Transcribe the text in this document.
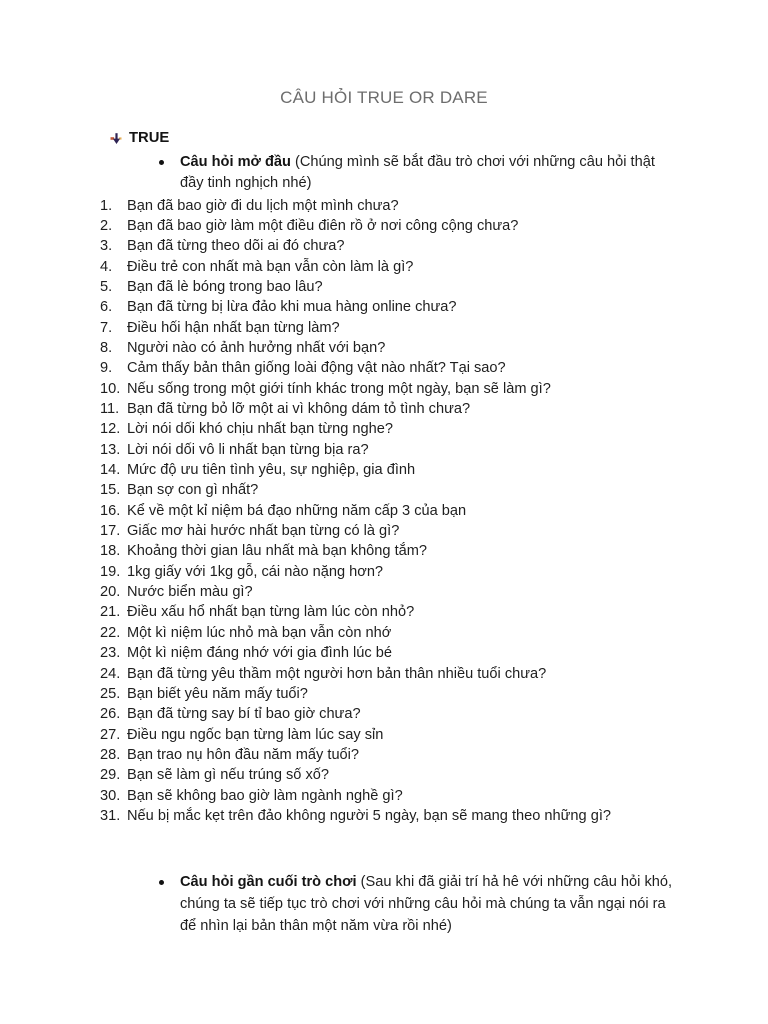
CÂU HỎI TRUE OR DARE
TRUE
Câu hỏi mở đầu (Chúng mình sẽ bắt đầu trò chơi với những câu hỏi thật đầy tinh nghịch nhé)
1.	Bạn đã bao giờ đi du lịch một mình chưa?
2.	Bạn đã bao giờ làm một điều điên rồ ở nơi công cộng chưa?
3.	Bạn đã từng theo dõi ai đó chưa?
4.	Điều trẻ con nhất mà bạn vẫn còn làm là gì?
5.	Bạn đã lè bóng trong bao lâu?
6.	Bạn đã từng bị lừa đảo khi mua hàng online chưa?
7.	Điều hối hận nhất bạn từng làm?
8.	Người nào có ảnh hưởng nhất với bạn?
9.	Cảm thấy bản thân giống loài động vật nào nhất? Tại sao?
10. Nếu sống trong một giới tính khác trong một ngày, bạn sẽ làm gì?
11. Bạn đã từng bỏ lỡ một ai vì không dám tỏ tình chưa?
12. Lời nói dối khó chịu nhất bạn từng nghe?
13. Lời nói dối vô li nhất bạn từng bịa ra?
14. Mức độ ưu tiên tình yêu, sự nghiệp, gia đình
15. Bạn sợ con gì nhất?
16. Kể về một kỉ niệm bá đạo những năm cấp 3 của bạn
17. Giấc mơ hài hước nhất bạn từng có là gì?
18. Khoảng thời gian lâu nhất mà bạn không tắm?
19. 1kg giấy với 1kg gỗ, cái nào nặng hơn?
20. Nước biển màu gì?
21. Điều xấu hổ nhất bạn từng làm lúc còn nhỏ?
22. Một kì niệm lúc nhỏ mà bạn vẫn còn nhớ
23. Một kì niệm đáng nhớ với gia đình lúc bé
24. Bạn đã từng yêu thầm một người hơn bản thân nhiều tuổi chưa?
25. Bạn biết yêu năm mấy tuổi?
26. Bạn đã từng say bí tỉ bao giờ chưa?
27. Điều ngu ngốc bạn từng làm lúc say sỉn
28. Bạn trao nụ hôn đầu năm mấy tuổi?
29. Bạn sẽ làm gì nếu trúng số xố?
30. Bạn sẽ không bao giờ làm ngành nghề gì?
31. Nếu bị mắc kẹt trên đảo không người 5 ngày, bạn sẽ mang theo những gì?
Câu hỏi gần cuối trò chơi (Sau khi đã giải trí hả hê với những câu hỏi khó, chúng ta sẽ tiếp tục trò chơi với những câu hỏi mà chúng ta vẫn ngại nói ra để nhìn lại bản thân một năm vừa rồi nhé)
